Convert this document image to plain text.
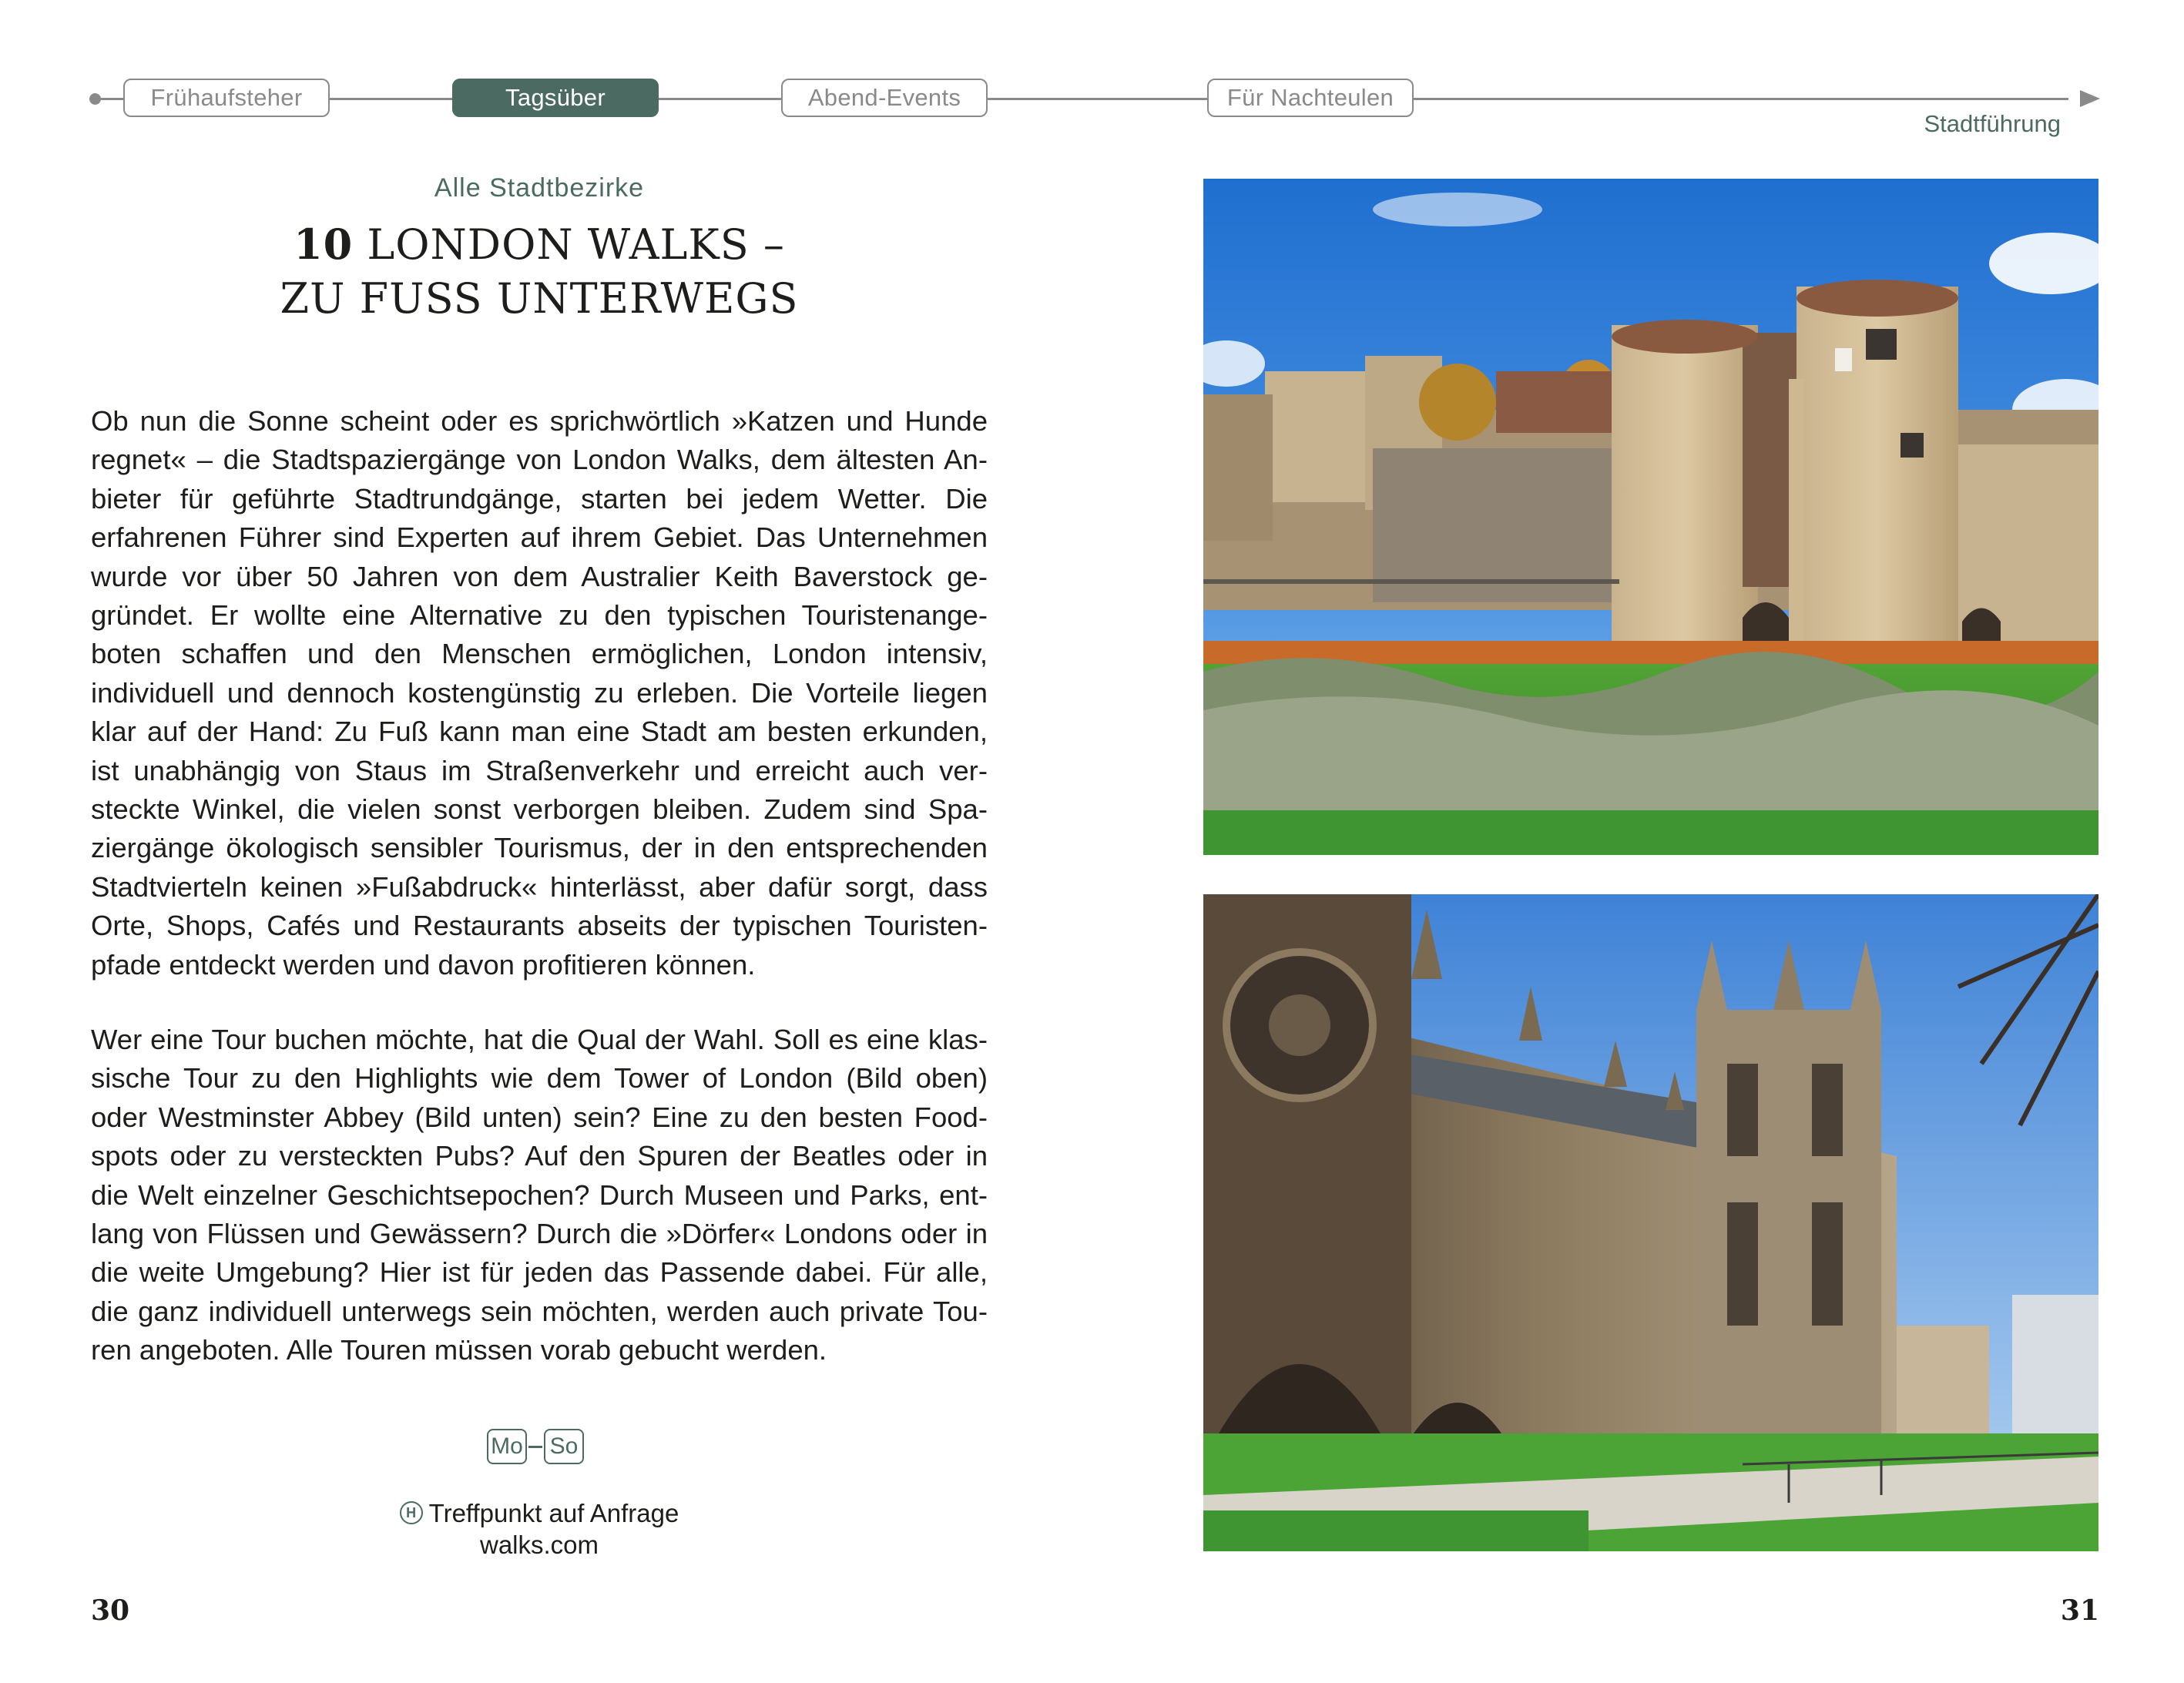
Frühaufsteher	Tagsüber	Abend-Events	Für Nachteulen
Stadtführung
Alle Stadtbezirke
10 LONDON WALKS –
ZU FUSS UNTERWEGS
Ob nun die Sonne scheint oder es sprichwörtlich »Katzen und Hunde
regnet« – die Stadtspaziergänge von London Walks, dem ältesten An-
bieter für geführte Stadtrundgänge, starten bei jedem Wetter. Die
erfahrenen Führer sind Experten auf ihrem Gebiet. Das Unternehmen
wurde vor über 50 Jahren von dem Australier Keith Baverstock ge-
gründet. Er wollte eine Alternative zu den typischen Touristenange-
boten schaffen und den Menschen ermöglichen, London intensiv,
individuell und dennoch kostengünstig zu erleben. Die Vorteile liegen
klar auf der Hand: Zu Fuß kann man eine Stadt am besten erkunden,
ist unabhängig von Staus im Straßenverkehr und erreicht auch ver-
steckte Winkel, die vielen sonst verborgen bleiben. Zudem sind Spa-
ziergänge ökologisch sensibler Tourismus, der in den entsprechenden
Stadtvierteln keinen »Fußabdruck« hinterlässt, aber dafür sorgt, dass
Orte, Shops, Cafés und Restaurants abseits der typischen Touristen-
pfade entdeckt werden und davon profitieren können.
Wer eine Tour buchen möchte, hat die Qual der Wahl. Soll es eine klas-
sische Tour zu den Highlights wie dem Tower of London (Bild oben)
oder Westminster Abbey (Bild unten) sein? Eine zu den besten Food-
spots oder zu versteckten Pubs? Auf den Spuren der Beatles oder in
die Welt einzelner Geschichtsepochen? Durch Museen und Parks, ent-
lang von Flüssen und Gewässern? Durch die »Dörfer« Londons oder in
die weite Umgebung? Hier ist für jeden das Passende dabei. Für alle,
die ganz individuell unterwegs sein möchten, werden auch private Tou-
ren angeboten. Alle Touren müssen vorab gebucht werden.
Mo So
H Treffpunkt auf Anfrage
walks.com
30	31
